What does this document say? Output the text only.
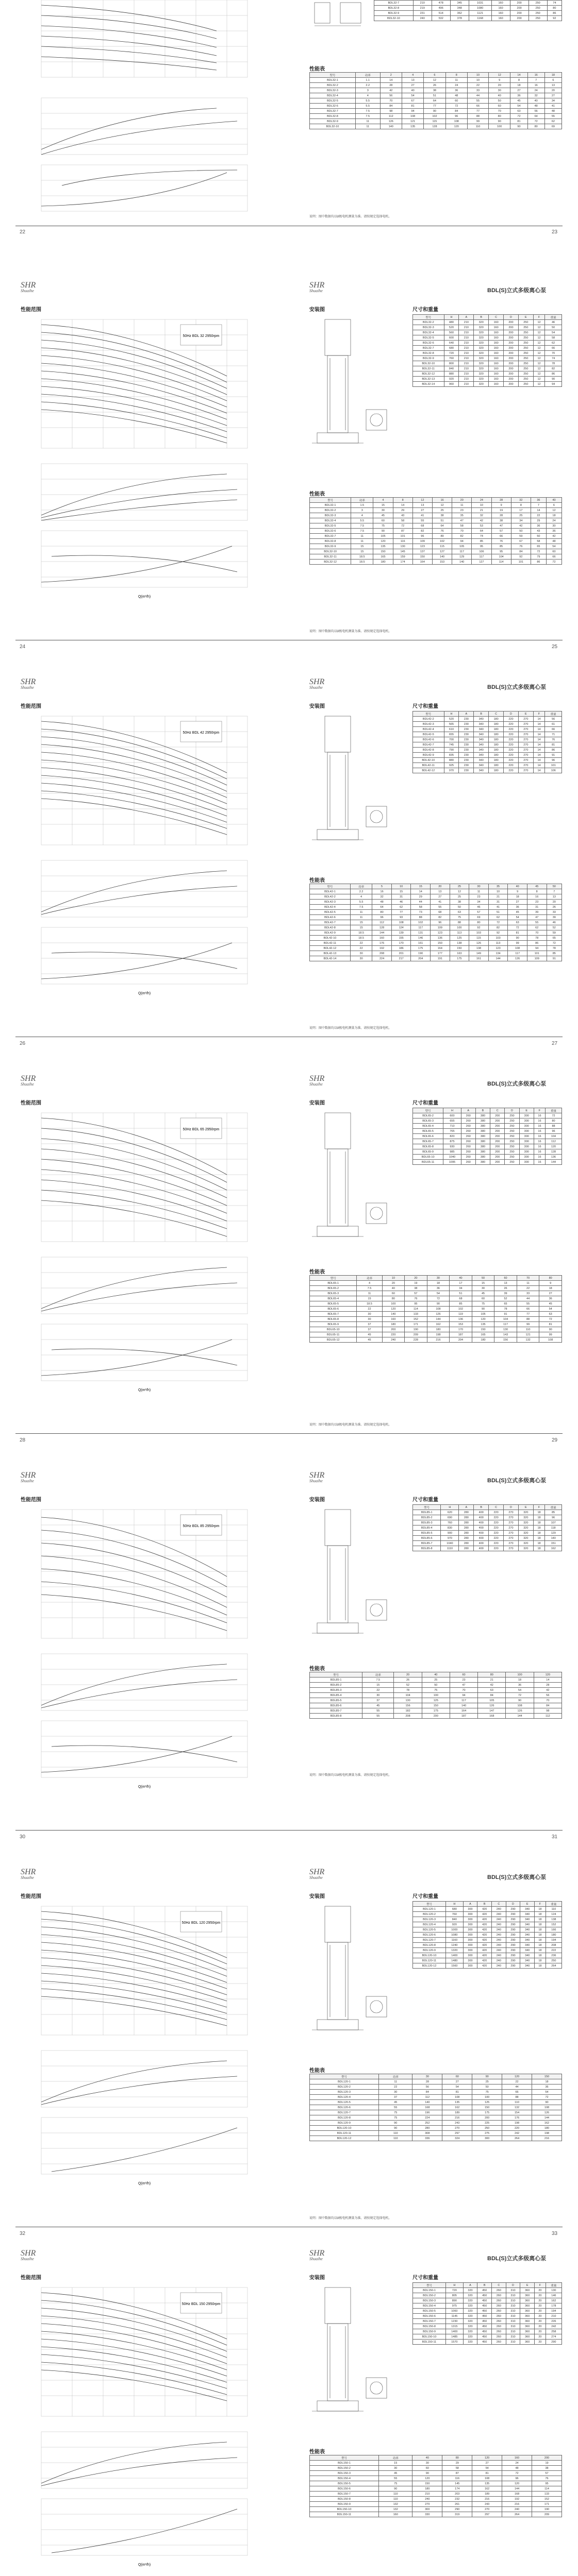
性能表
BDL32-7	210	478	345	1031	160	200	250	74
BDL32-8	219	496	348	1080	160	200	250	80
BDL32-9	231	514	362	1121	160	200	250	86
BDL32-10	240	532	378	1168	160	200	250	92
型号	功率	2	4	6	8	10	12	14	16	18
BDL32-1	1.1	14	13	12	11	10	9	8	7	6
BDL32-2	2.2	28	27	26	24	22	20	18	16	13
BDL32-3	3	42	40	38	36	33	30	27	24	20
BDL32-4	4	56	54	51	48	44	40	36	32	27
BDL32-5	5.5	70	67	64	60	55	50	45	40	34
BDL32-6	5.5	84	81	77	72	66	60	54	48	41
BDL32-7	7.5	98	94	90	84	77	70	63	56	48
BDL32-8	7.5	112	108	102	96	88	80	72	64	55
BDL32-9	11	126	121	115	108	99	90	81	72	62
BDL32-10	11	140	135	128	120	110	100	90	80	69
说明：图中数据均以8极电机测量为准。请按规定选择电机。
22	23
SHR
Shuaihe
SHR
Shuaihe	BDL(S)立式多级离心泵
性能范围	安装图	尺寸和重量
50Hz BDL 32 2950rpm
Q(m³/h)
型号	H	A	B	C	D	E	F	重量
BDL32-2	480	210	320	160	200	250	12	46
BDL32-3	520	210	320	160	200	250	12	50
BDL32-4	560	210	320	160	200	250	12	54
BDL32-5	600	210	320	160	200	250	12	58
BDL32-6	640	210	320	160	200	250	12	62
BDL32-7	680	210	320	160	200	250	12	66
BDL32-8	720	210	320	160	200	250	12	70
BDL32-9	760	210	320	160	200	250	12	74
BDL32-10	800	210	320	160	200	250	12	78
BDL32-11	840	210	320	160	200	250	12	82
BDL32-12	880	210	320	160	200	250	12	86
BDL32-13	920	210	320	160	200	250	12	90
BDL32-14	960	210	320	160	200	250	12	94
性能表
型号	功率	4	8	12	16	20	24	28	32	36	40
BDL32-1	1.5	15	14	13	12	11	10	9	8	7	6
BDL32-2	3	30	29	27	25	23	21	19	17	14	12
BDL32-3	4	45	43	41	38	35	32	28	25	22	18
BDL32-4	5.5	60	58	55	51	47	42	38	34	29	24
BDL32-5	7.5	75	72	68	64	58	53	47	42	36	30
BDL32-6	7.5	90	87	82	76	70	64	57	50	43	36
BDL32-7	11	105	101	96	89	82	74	66	59	50	42
BDL32-8	11	120	116	109	102	94	85	76	67	58	48
BDL32-9	15	135	130	123	115	105	95	85	76	65	54
BDL32-10	15	150	145	137	127	117	106	95	84	72	60
BDL32-11	18.5	165	159	150	140	129	117	104	92	79	66
BDL32-12	18.5	180	174	164	153	140	127	114	101	86	72
说明：图中数据均以8极电机测量为准。请按规定选择电机。
24	25
SHR
Shuaihe
SHR
Shuaihe	BDL(S)立式多级离心泵
性能范围	安装图	尺寸和重量
50Hz BDL 42 2950rpm
Q(m³/h)
型号	H	A	B	C	D	E	F	重量
BDL42-2	520	230	340	180	220	270	14	56
BDL42-3	565	230	340	180	220	270	14	61
BDL42-4	610	230	340	180	220	270	14	66
BDL42-5	655	230	340	180	220	270	14	71
BDL42-6	700	230	340	180	220	270	14	76
BDL42-7	745	230	340	180	220	270	14	81
BDL42-8	790	230	340	180	220	270	14	86
BDL42-9	835	230	340	180	220	270	14	91
BDL42-10	880	230	340	180	220	270	14	96
BDL42-11	925	230	340	180	220	270	14	101
BDL42-12	970	230	340	180	220	270	14	106
性能表
型号	功率	5	10	15	20	25	30	35	40	45	50
BDL42-1	2.2	16	15	14	13	12	11	10	9	8	7
BDL42-2	4	32	31	29	27	25	23	21	18	16	13
BDL42-3	5.5	48	46	44	41	38	34	31	27	23	20
BDL42-4	7.5	64	62	58	55	50	46	41	36	31	26
BDL42-5	11	80	77	73	68	63	57	51	45	39	33
BDL42-6	11	96	93	88	82	75	69	62	54	47	39
BDL42-7	15	112	108	102	96	88	80	72	63	55	46
BDL42-8	15	128	124	117	109	100	92	82	72	62	52
BDL42-9	18.5	144	139	131	123	113	103	92	81	70	59
BDL42-10	18.5	160	155	146	136	125	115	103	90	78	65
BDL42-11	22	176	170	161	150	138	126	113	99	86	72
BDL42-12	22	192	186	175	164	150	138	123	108	94	78
BDL42-13	30	208	201	190	177	163	149	134	117	101	85
BDL42-14	30	224	217	204	191	175	161	144	126	109	91
说明：图中数据均以8极电机测量为准。请按规定选择电机。
26	27
SHR
Shuaihe
SHR
Shuaihe	BDL(S)立式多级离心泵
性能范围	安装图	尺寸和重量
50Hz BDL 65 2950rpm
Q(m³/h)
型号	H	A	B	C	D	E	F	重量
BDL65-2	600	260	380	200	250	300	16	72
BDL65-3	655	260	380	200	250	300	16	80
BDL65-4	710	260	380	200	250	300	16	88
BDL65-5	765	260	380	200	250	300	16	96
BDL65-6	820	260	380	200	250	300	16	104
BDL65-7	875	260	380	200	250	300	16	112
BDL65-8	930	260	380	200	250	300	16	120
BDL65-9	985	260	380	200	250	300	16	128
BDL65-10	1040	260	380	200	250	300	16	136
BDL65-11	1095	260	380	200	250	300	16	144
性能表
型号	功率	10	20	30	40	50	60	70	80
BDL65-1	4	20	19	18	17	15	13	11	9
BDL65-2	7.5	40	38	36	34	30	26	22	18
BDL65-3	11	60	57	54	51	45	39	33	27
BDL65-4	15	80	76	72	68	60	52	44	36
BDL65-5	18.5	100	95	90	85	75	65	55	45
BDL65-6	22	120	114	108	102	90	78	66	54
BDL65-7	30	140	133	126	119	105	91	77	63
BDL65-8	30	160	152	144	136	120	104	88	72
BDL65-9	37	180	171	162	153	135	117	99	81
BDL65-10	37	200	190	180	170	150	130	110	90
BDL65-11	45	220	209	198	187	165	143	121	99
BDL65-12	45	240	228	216	204	180	156	132	108
说明：图中数据均以8极电机测量为准。请按规定选择电机。
28	29
SHR
Shuaihe
SHR
Shuaihe	BDL(S)立式多级离心泵
性能范围	安装图	尺寸和重量
50Hz BDL 85 2950rpm
Q(m³/h)
型号	H	A	B	C	D	E	F	重量
BDL85-1	620	280	400	220	270	320	18	85
BDL85-2	690	280	400	220	270	320	18	96
BDL85-3	760	280	400	220	270	320	18	107
BDL85-4	830	280	400	220	270	320	18	118
BDL85-5	900	280	400	220	270	320	18	129
BDL85-6	970	280	400	220	270	320	18	140
BDL85-7	1040	280	400	220	270	320	18	151
BDL85-8	1110	280	400	220	270	320	18	162
性能表
型号	功率	20	40	60	80	100	120
BDL85-1	7.5	26	25	23	21	18	14
BDL85-2	15	52	50	47	42	36	28
BDL85-3	22	78	75	70	63	54	42
BDL85-4	30	104	100	94	84	72	56
BDL85-5	37	130	125	117	105	90	70
BDL85-6	45	156	150	140	126	108	84
BDL85-7	55	182	175	164	147	126	98
BDL85-8	55	208	200	187	168	144	112
说明：图中数据均以8极电机测量为准。请按规定选择电机。
30	31
SHR
Shuaihe
SHR
Shuaihe	BDL(S)立式多级离心泵
性能范围	安装图	尺寸和重量
50Hz BDL 120 2950rpm
Q(m³/h)
型号	H	A	B	C	D	E	F	重量
BDL120-1	680	300	420	240	290	340	18	110
BDL120-2	760	300	420	240	290	340	18	124
BDL120-3	840	300	420	240	290	340	18	138
BDL120-4	920	300	420	240	290	340	18	152
BDL120-5	1000	300	420	240	290	340	18	166
BDL120-6	1080	300	420	240	290	340	18	180
BDL120-7	1160	300	420	240	290	340	18	194
BDL120-8	1240	300	420	240	290	340	18	208
BDL120-9	1320	300	420	240	290	340	18	222
BDL120-10	1400	300	420	240	290	340	18	236
BDL120-11	1480	300	420	240	290	340	18	250
BDL120-12	1560	300	420	240	290	340	18	264
性能表
型号	功率	30	60	90	120	150
BDL120-1	11	28	27	25	22	18
BDL120-2	22	56	54	50	44	36
BDL120-3	30	84	81	75	66	54
BDL120-4	37	112	108	100	88	72
BDL120-5	45	140	135	125	110	90
BDL120-6	55	168	162	150	132	108
BDL120-7	75	196	189	175	154	126
BDL120-8	75	224	216	200	176	144
BDL120-9	90	252	243	225	198	162
BDL120-10	90	280	270	250	220	180
BDL120-11	110	308	297	275	242	198
BDL120-12	110	336	324	300	264	216
说明：图中数据均以8极电机测量为准。请按规定选择电机。
32	33
SHR
Shuaihe
SHR
Shuaihe	BDL(S)立式多级离心泵
性能范围	安装图	尺寸和重量
50Hz BDL 150 2950rpm
Q(m³/h)
型号	H	A	B	C	D	E	F	重量
BDL150-1	720	320	450	260	310	360	20	130
BDL150-2	805	320	450	260	310	360	20	146
BDL150-3	890	320	450	260	310	360	20	162
BDL150-4	975	320	450	260	310	360	20	178
BDL150-5	1060	320	450	260	310	360	20	194
BDL150-6	1145	320	450	260	310	360	20	210
BDL150-7	1230	320	450	260	310	360	20	226
BDL150-8	1315	320	450	260	310	360	20	242
BDL150-9	1400	320	450	260	310	360	20	258
BDL150-10	1485	320	450	260	310	360	20	274
BDL150-11	1570	320	450	260	310	360	20	290
性能表
型号	功率	40	80	120	160	200
BDL150-1	15	30	29	27	24	19
BDL150-2	30	60	58	54	48	38
BDL150-3	45	90	87	81	72	57
BDL150-4	55	120	116	108	96	76
BDL150-5	75	150	145	135	120	95
BDL150-6	90	180	174	162	144	114
BDL150-7	110	210	203	189	168	133
BDL150-8	110	240	232	216	192	152
BDL150-9	132	270	261	243	216	171
BDL150-10	132	300	290	270	240	190
BDL150-11	160	330	319	297	264	209
